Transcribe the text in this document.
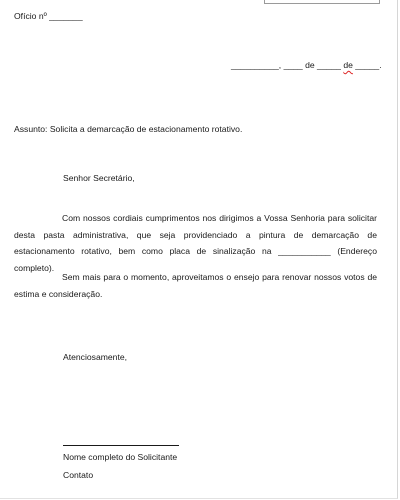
Ofício nº _______
__________, ____ de _____ de _____.
Assunto: Solicita a demarcação de estacionamento rotativo.
Senhor Secretário,
Com nossos cordiais cumprimentos nos dirigimos a Vossa Senhoria para solicitar desta pasta administrativa, que seja providenciado a pintura de demarcação de estacionamento rotativo, bem como placa de sinalização na ___________ (Endereço completo).
Sem mais para o momento, aproveitamos o ensejo para renovar nossos votos de estima e consideração.
Atenciosamente,
Nome completo do Solicitante
Contato
